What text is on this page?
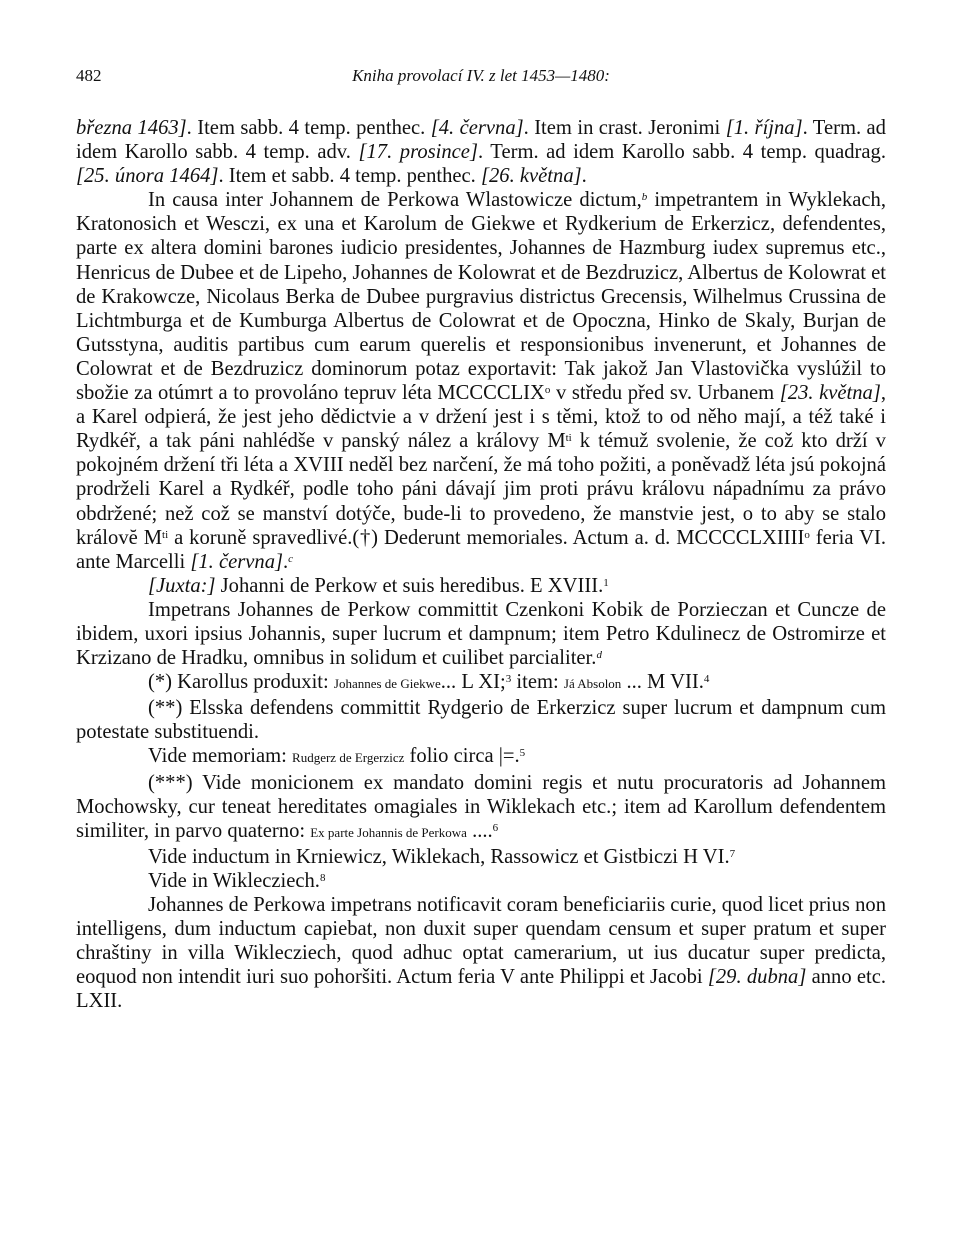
482	Kniha provolací IV. z let 1453—1480:

března 1463]. Item sabb. 4 temp. penthec. [4. června]. Item in crast. Jeronimi [1. října]. Term. ad idem Karollo sabb. 4 temp. adv. [17. prosince]. Term. ad idem Karollo sabb. 4 temp. quadrag. [25. února 1464]. Item et sabb. 4 temp. penthec. [26. května].

In causa inter Johannem de Perkowa Wlastowicze dictum,$^b$ impetrantem in Wyklekach, Kratonosich et Wesczi, ex una et Karolum de Giekwe et Rydkerium de Erkerzicz, defendentes, parte ex altera domini barones iudicio presidentes, Johannes de Hazmburg iudex supremus etc., Henricus de Dubee et de Lipeho, Johannes de Kolowrat et de Bezdruzicz, Albertus de Kolowrat et de Krakowcze, Nicolaus Berka de Dubee purgravius districtus Grecensis, Wilhelmus Crussina de Lichtmburga et de Kumburga Albertus de Colowrat et de Opoczna, Hinko de Skaly, Burjan de Gutsstyna, auditis partibus cum earum querelis et responsionibus invenerunt, et Johannes de Colowrat et de Bezdruzicz dominorum potaz exportavit: Tak jakož Jan Vlastovička vyslúžil to sbožie za otúmrt a to provoláno tepruv léta MCCCCLIX$^o$ v středu před sv. Urbanem [23. května], a Karel odpierá, že jest jeho dědictvie a v držení jest i s těmi, ktož to od něho mají, a též také i Rydkéř, a tak páni nahlédše v panský nález a královy $M^{ti}$ k témuž svolenie, že což kto drží v pokojném držení tři léta a XVIII neděl bez narčení, že má toho požiti, a poněvadž léta jsú pokojná prodrželi Karel a Rydkéř, podle toho páni dávají jim proti právu královu nápadnímu za právo obdržené; než což se manství dotýče, bude-li to provedeno, že manstvie jest, o to aby se stalo královĕ $M^{ti}$ a koruně spravedlivé.(†) Dederunt memoriales. Actum a. d. MCCCCLXIIII$^o$ feria VI. ante Marcelli [1. června].$^c$

[Juxta:] Johanni de Perkow et suis heredibus. E XVIII.$^1$

Impetrans Johannes de Perkow committit Czenkoni Kobik de Porzieczan et Cuncze de ibidem, uxori ipsius Johannis, super lucrum et dampnum; item Petro Kdulinecz de Ostromirze et Krzizano de Hradku, omnibus in solidum et cuilibet parcialiter.$^d$

(*) Karollus produxit: Johannes de Giekwe... L XI;$^3$ item: Já Absolon ... M VII.$^4$

(**) Elsska defendens committit Rydgerio de Erkerzicz super lucrum et dampnum cum potestate substituendi.

Vide memoriam: Rudgerz de Ergerzicz folio circa |=.$^5$

(***) Vide monicionem ex mandato domini regis et nutu procuratoris ad Johannem Mochowsky, cur teneat hereditates omagiales in Wiklekach etc.; item ad Karollum defendentem similiter, in parvo quaterno: Ex parte Johannis de Perkowa ....$^6$

Vide inductum in Krniewicz, Wiklekach, Rassowicz et Gistbiczi H VI.$^7$

Vide in Wikleczіech.$^8$

Johannes de Perkowa impetrans notificavit coram beneficiariis curie, quod licet prius non intelligens, dum inductum capiebat, non duxit super quendam censum et super pratum et super chraštiny in villa Wikleczіech, quod adhuc optat camerarium, ut ius ducatur super predicta, eoquod non intendit iuri suo pohoršiti. Actum feria V ante Philippi et Jacobi [29. dubna] anno etc. LXII.
